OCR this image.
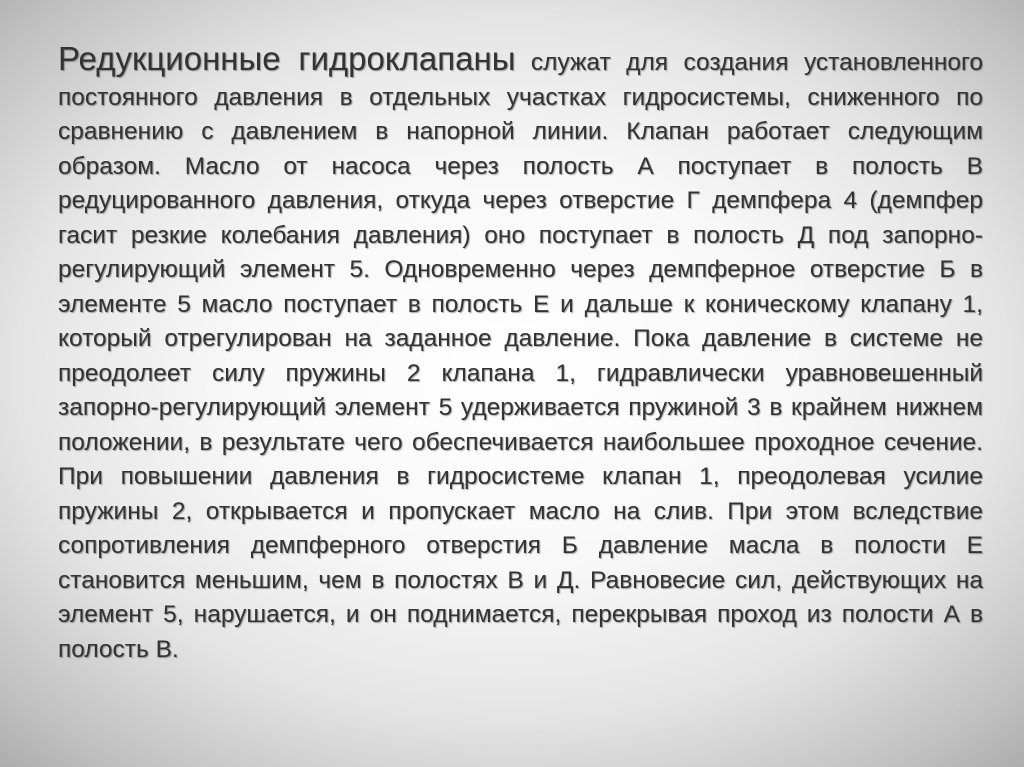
Редукционные гидроклапаны служат для создания установленного постоянного давления в отдельных участках гидросистемы, сниженного по сравнению с давлением в напорной линии. Клапан работает следующим образом. Масло от насоса через полость А поступает в полость В редуцированного давления, откуда через отверстие Г демпфера 4 (демпфер гасит резкие колебания давления) оно поступает в полость Д под запорно-регулирующий элемент 5. Одновременно через демпферное отверстие Б в элементе 5 масло поступает в полость Е и дальше к коническому клапану 1, который отрегулирован на заданное давление. Пока давление в системе не преодолеет силу пружины 2 клапана 1, гидравлически уравновешенный запорно-регулирующий элемент 5 удерживается пружиной 3 в крайнем нижнем положении, в результате чего обеспечивается наибольшее проходное сечение. При повышении давления в гидросистеме клапан 1, преодолевая усилие пружины 2, открывается и пропускает масло на слив. При этом вследствие сопротивления демпферного отверстия Б давление масла в полости Е становится меньшим, чем в полостях В и Д. Равновесие сил, действующих на элемент 5, нарушается, и он поднимается, перекрывая проход из полости А в полость В.
